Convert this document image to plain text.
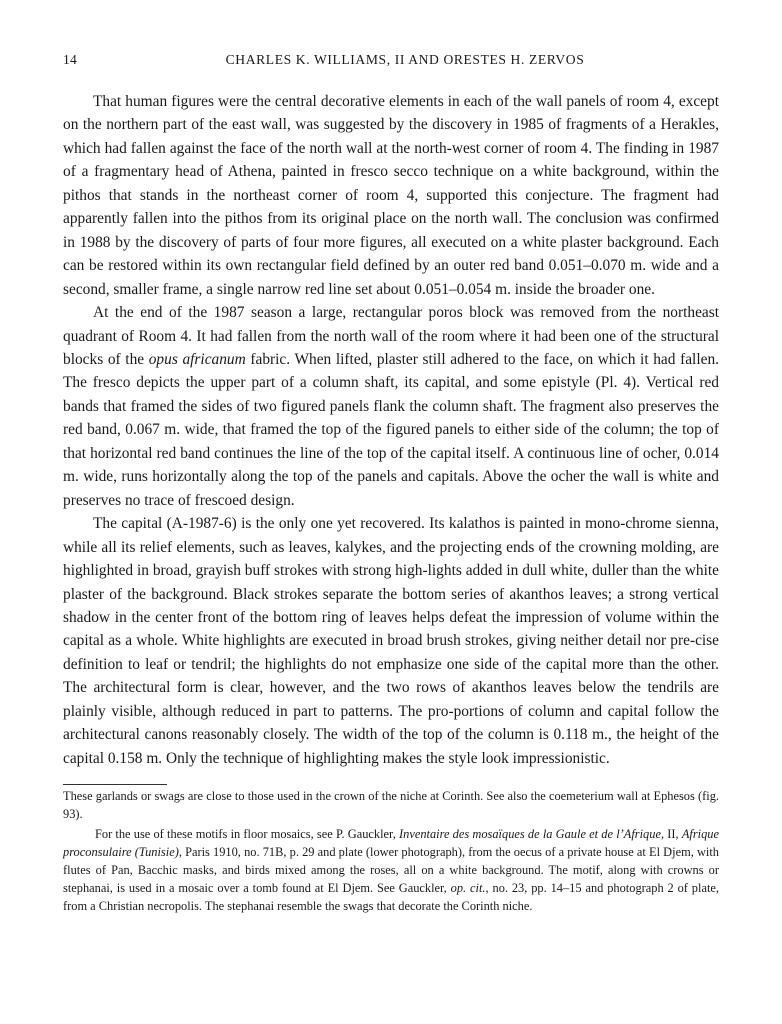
14	CHARLES K. WILLIAMS, II AND ORESTES H. ZERVOS

That human figures were the central decorative elements in each of the wall panels of room 4, except on the northern part of the east wall, was suggested by the discovery in 1985 of fragments of a Herakles, which had fallen against the face of the north wall at the north-west corner of room 4. The finding in 1987 of a fragmentary head of Athena, painted in fresco secco technique on a white background, within the pithos that stands in the northeast corner of room 4, supported this conjecture. The fragment had apparently fallen into the pithos from its original place on the north wall. The conclusion was confirmed in 1988 by the discovery of parts of four more figures, all executed on a white plaster background. Each can be restored within its own rectangular field defined by an outer red band 0.051–0.070 m. wide and a second, smaller frame, a single narrow red line set about 0.051–0.054 m. inside the broader one.

At the end of the 1987 season a large, rectangular poros block was removed from the northeast quadrant of Room 4. It had fallen from the north wall of the room where it had been one of the structural blocks of the opus africanum fabric. When lifted, plaster still adhered to the face, on which it had fallen. The fresco depicts the upper part of a column shaft, its capital, and some epistyle (Pl. 4). Vertical red bands that framed the sides of two figured panels flank the column shaft. The fragment also preserves the red band, 0.067 m. wide, that framed the top of the figured panels to either side of the column; the top of that horizontal red band continues the line of the top of the capital itself. A continuous line of ocher, 0.014 m. wide, runs horizontally along the top of the panels and capitals. Above the ocher the wall is white and preserves no trace of frescoed design.

The capital (A-1987-6) is the only one yet recovered. Its kalathos is painted in mono-chrome sienna, while all its relief elements, such as leaves, kalykes, and the projecting ends of the crowning molding, are highlighted in broad, grayish buff strokes with strong high-lights added in dull white, duller than the white plaster of the background. Black strokes separate the bottom series of akanthos leaves; a strong vertical shadow in the center front of the bottom ring of leaves helps defeat the impression of volume within the capital as a whole. White highlights are executed in broad brush strokes, giving neither detail nor pre-cise definition to leaf or tendril; the highlights do not emphasize one side of the capital more than the other. The architectural form is clear, however, and the two rows of akanthos leaves below the tendrils are plainly visible, although reduced in part to patterns. The pro-portions of column and capital follow the architectural canons reasonably closely. The width of the top of the column is 0.118 m., the height of the capital 0.158 m. Only the technique of highlighting makes the style look impressionistic.

These garlands or swags are close to those used in the crown of the niche at Corinth. See also the coemeterium wall at Ephesos (fig. 93).

For the use of these motifs in floor mosaics, see P. Gauckler, Inventaire des mosaïques de la Gaule et de l’Afrique, II, Afrique proconsulaire (Tunisie), Paris 1910, no. 71B, p. 29 and plate (lower photograph), from the oecus of a private house at El Djem, with flutes of Pan, Bacchic masks, and birds mixed among the roses, all on a white background. The motif, along with crowns or stephanai, is used in a mosaic over a tomb found at El Djem. See Gauckler, op. cit., no. 23, pp. 14–15 and photograph 2 of plate, from a Christian necropolis. The stephanai resemble the swags that decorate the Corinth niche.
